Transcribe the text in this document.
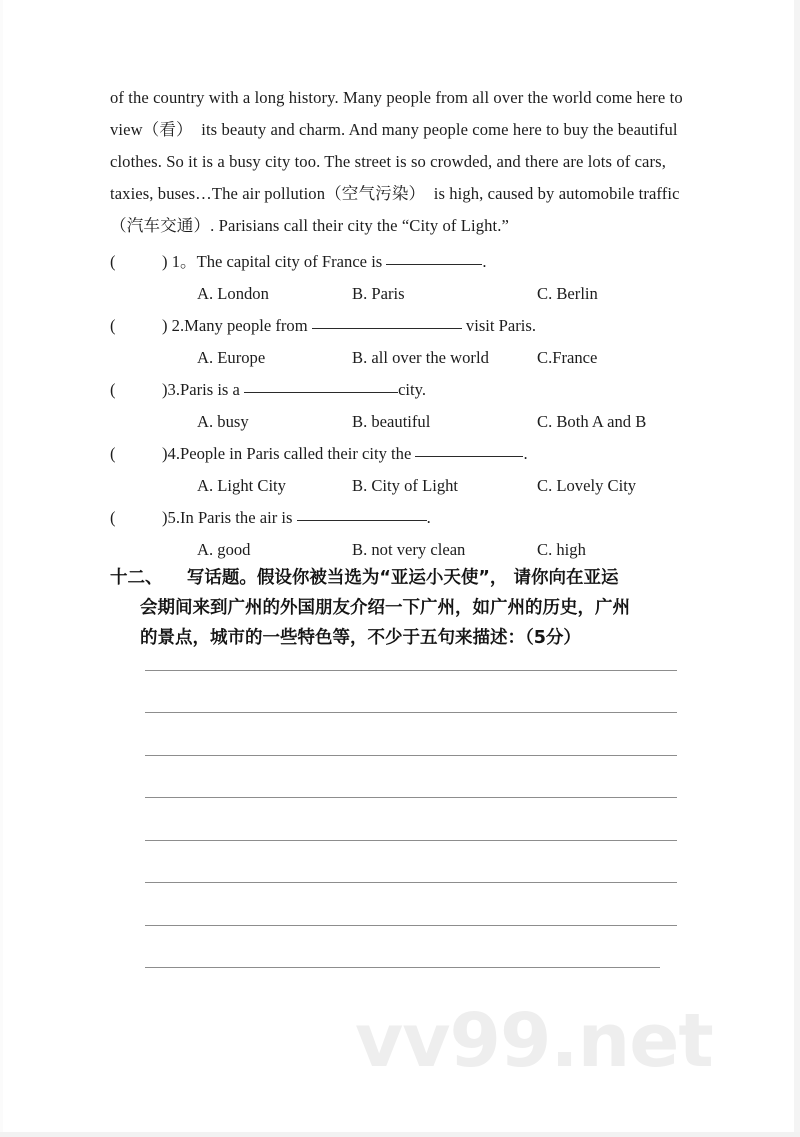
of the country with a long history. Many people from all over the world come here to
view（看）  its beauty and charm. And many people come here to buy the beautiful
clothes. So it is a busy city too. The street is so crowded, and there are lots of cars,
taxies, buses…The air pollution（空气污染）  is high, caused by automobile traffic
（汽车交通）. Parisians call their city the “City of Light.”
(	) 1。The capital city of France is	.

A. London

	B. Paris

	C. Berlin

(	) 2.Many people from	visit Paris.

A. Europe

	B. all over the world

	C.France

(	)3.Paris is a	city.

A. busy

	B. beautiful

	C. Both A and B

(	)4.People in Paris called their city the	.

A. Light City

	B. City of Light

	C. Lovely City

(	)5.In Paris the air is	.

A. good

	B. not very clean

	C. high

十二、    写话题。假设你被当选为“亚运小天使”， 请你向在亚运
会期间来到广州的外国朋友介绍一下广州，如广州的历史，广州
的景点，城市的一些特色等，不少于五句来描述：（5分）
vv99.net
